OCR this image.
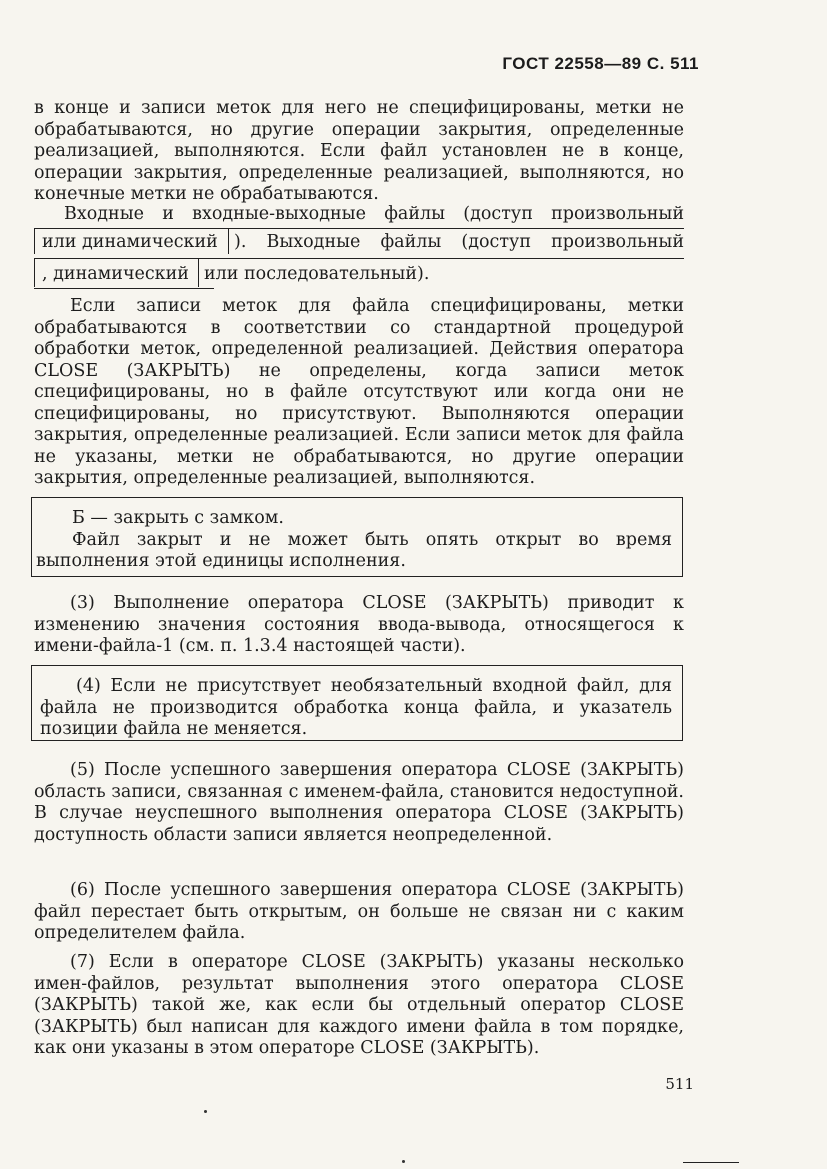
ГОСТ 22558—89 С. 511

в конце и записи меток для него не специфицированы, метки не обрабатываются, но другие операции закрытия, определенные реализацией, выполняются. Если файл установлен не в конце, операции закрытия, определенные реализацией, выполняются, но конечные метки не обрабатываются.

Входные и входные-выходные файлы (доступ произвольный
или динамический ). Выходные файлы (доступ произвольный
, динамический или последовательный).

Если записи меток для файла специфицированы, метки обрабатываются в соответствии со стандартной процедурой обработки меток, определенной реализацией. Действия оператора CLOSE (ЗАКРЫТЬ) не определены, когда записи меток специфицированы, но в файле отсутствуют или когда они не специфицированы, но присутствуют. Выполняются операции закрытия, определенные реализацией. Если записи меток для файла не указаны, метки не обрабатываются, но другие операции закрытия, определенные реализацией, выполняются.

Б — закрыть с замком.

Файл закрыт и не может быть опять открыт во время выполнения этой единицы исполнения.

(3) Выполнение оператора CLOSE (ЗАКРЫТЬ) приводит к изменению значения состояния ввода-вывода, относящегося к имени-файла-1 (см. п. 1.3.4 настоящей части).

(4) Если не присутствует необязательный входной файл, для файла не производится обработка конца файла, и указатель позиции файла не меняется.

(5) После успешного завершения оператора CLOSE (ЗАКРЫТЬ) область записи, связанная с именем-файла, становится недоступной. В случае неуспешного выполнения оператора CLOSE (ЗАКРЫТЬ) доступность области записи является неопределенной.

(6) После успешного завершения оператора CLOSE (ЗАКРЫТЬ) файл перестает быть открытым, он больше не связан ни с каким определителем файла.

(7) Если в операторе CLOSE (ЗАКРЫТЬ) указаны несколько имен-файлов, результат выполнения этого оператора CLOSE (ЗАКРЫТЬ) такой же, как если бы отдельный оператор CLOSE (ЗАКРЫТЬ) был написан для каждого имени файла в том порядке, как они указаны в этом операторе CLOSE (ЗАКРЫТЬ).

511
